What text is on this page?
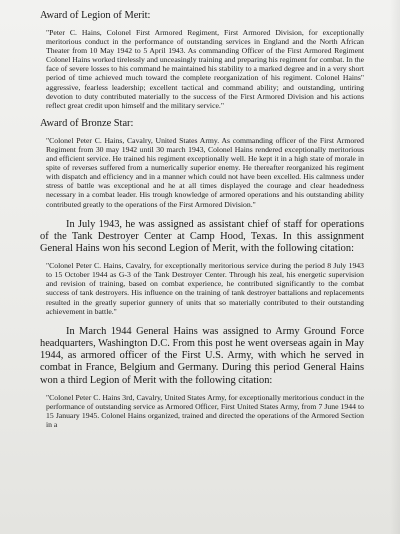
Award of Legion of Merit:

"Peter C. Hains, Colonel First Armored Regiment, First Armored Division, for exceptionally meritorious conduct in the performance of outstanding services in England and the North African Theater from 10 May 1942 to 5 April 1943. As commanding Officer of the First Armored Regiment Colonel Hains worked tirelessly and unceasingly training and preparing his regiment for combat. In the face of severe losses to his command he maintained his stability to a marked degree and in a very short period of time achieved much toward the complete reorganization of his regiment. Colonel Hains" aggressive, fearless leadership; excellent tactical and command ability; and outstanding, untiring devotion to duty contributed materially to the success of the First Armored Division and his actions reflect great credit upon himself and the military service."

Award of Bronze Star:

"Colonel Peter C. Hains, Cavalry, United States Army. As commanding officer of the First Armored Regiment from 30 may 1942 until 30 march 1943, Colonel Hains rendered exceptionally meritorious and efficient service. He trained his regiment exceptionally well. He kept it in a high state of morale in spite of reverses suffered from a numerically superior enemy. He thereafter reorganized his regiment with dispatch and efficiency and in a manner which could not have been excelled. His calmness under stress of battle was exceptional and he at all times displayed the courage and clear headedness necessary in a combat leader. His trough knowledge of armored operations and his outstanding ability contributed greatly to the operations of the First Armored Division."

In July 1943, he was assigned as assistant chief of staff for operations of the Tank Destroyer Center at Camp Hood, Texas. In this assignment General Hains won his second Legion of Merit, with the following citation:

"Colonel Peter C. Hains, Cavalry, for exceptionally meritorious service during the period 8 July 1943 to 15 October 1944 as G-3 of the Tank Destroyer Center. Through his zeal, his energetic supervision and revision of training, based on combat experience, he contributed significantly to the combat success of tank destroyers. His influence on the training of tank destroyer battalions and replacements resulted in the greatly superior gunnery of units that so materially contributed to their outstanding achievement in battle."

In March 1944 General Hains was assigned to Army Ground Force headquarters, Washington D.C. From this post he went overseas again in May 1944, as armored officer of the First U.S. Army, with which he served in combat in France, Belgium and Germany. During this period General Hains won a third Legion of Merit with the following citation:

"Colonel Peter C. Hains 3rd, Cavalry, United States Army, for exceptionally meritorious conduct in the performance of outstanding service as Armored Officer, First United States Army, from 7 June 1944 to 15 January 1945. Colonel Hains organized, trained and directed the operations of the Armored Section in a
